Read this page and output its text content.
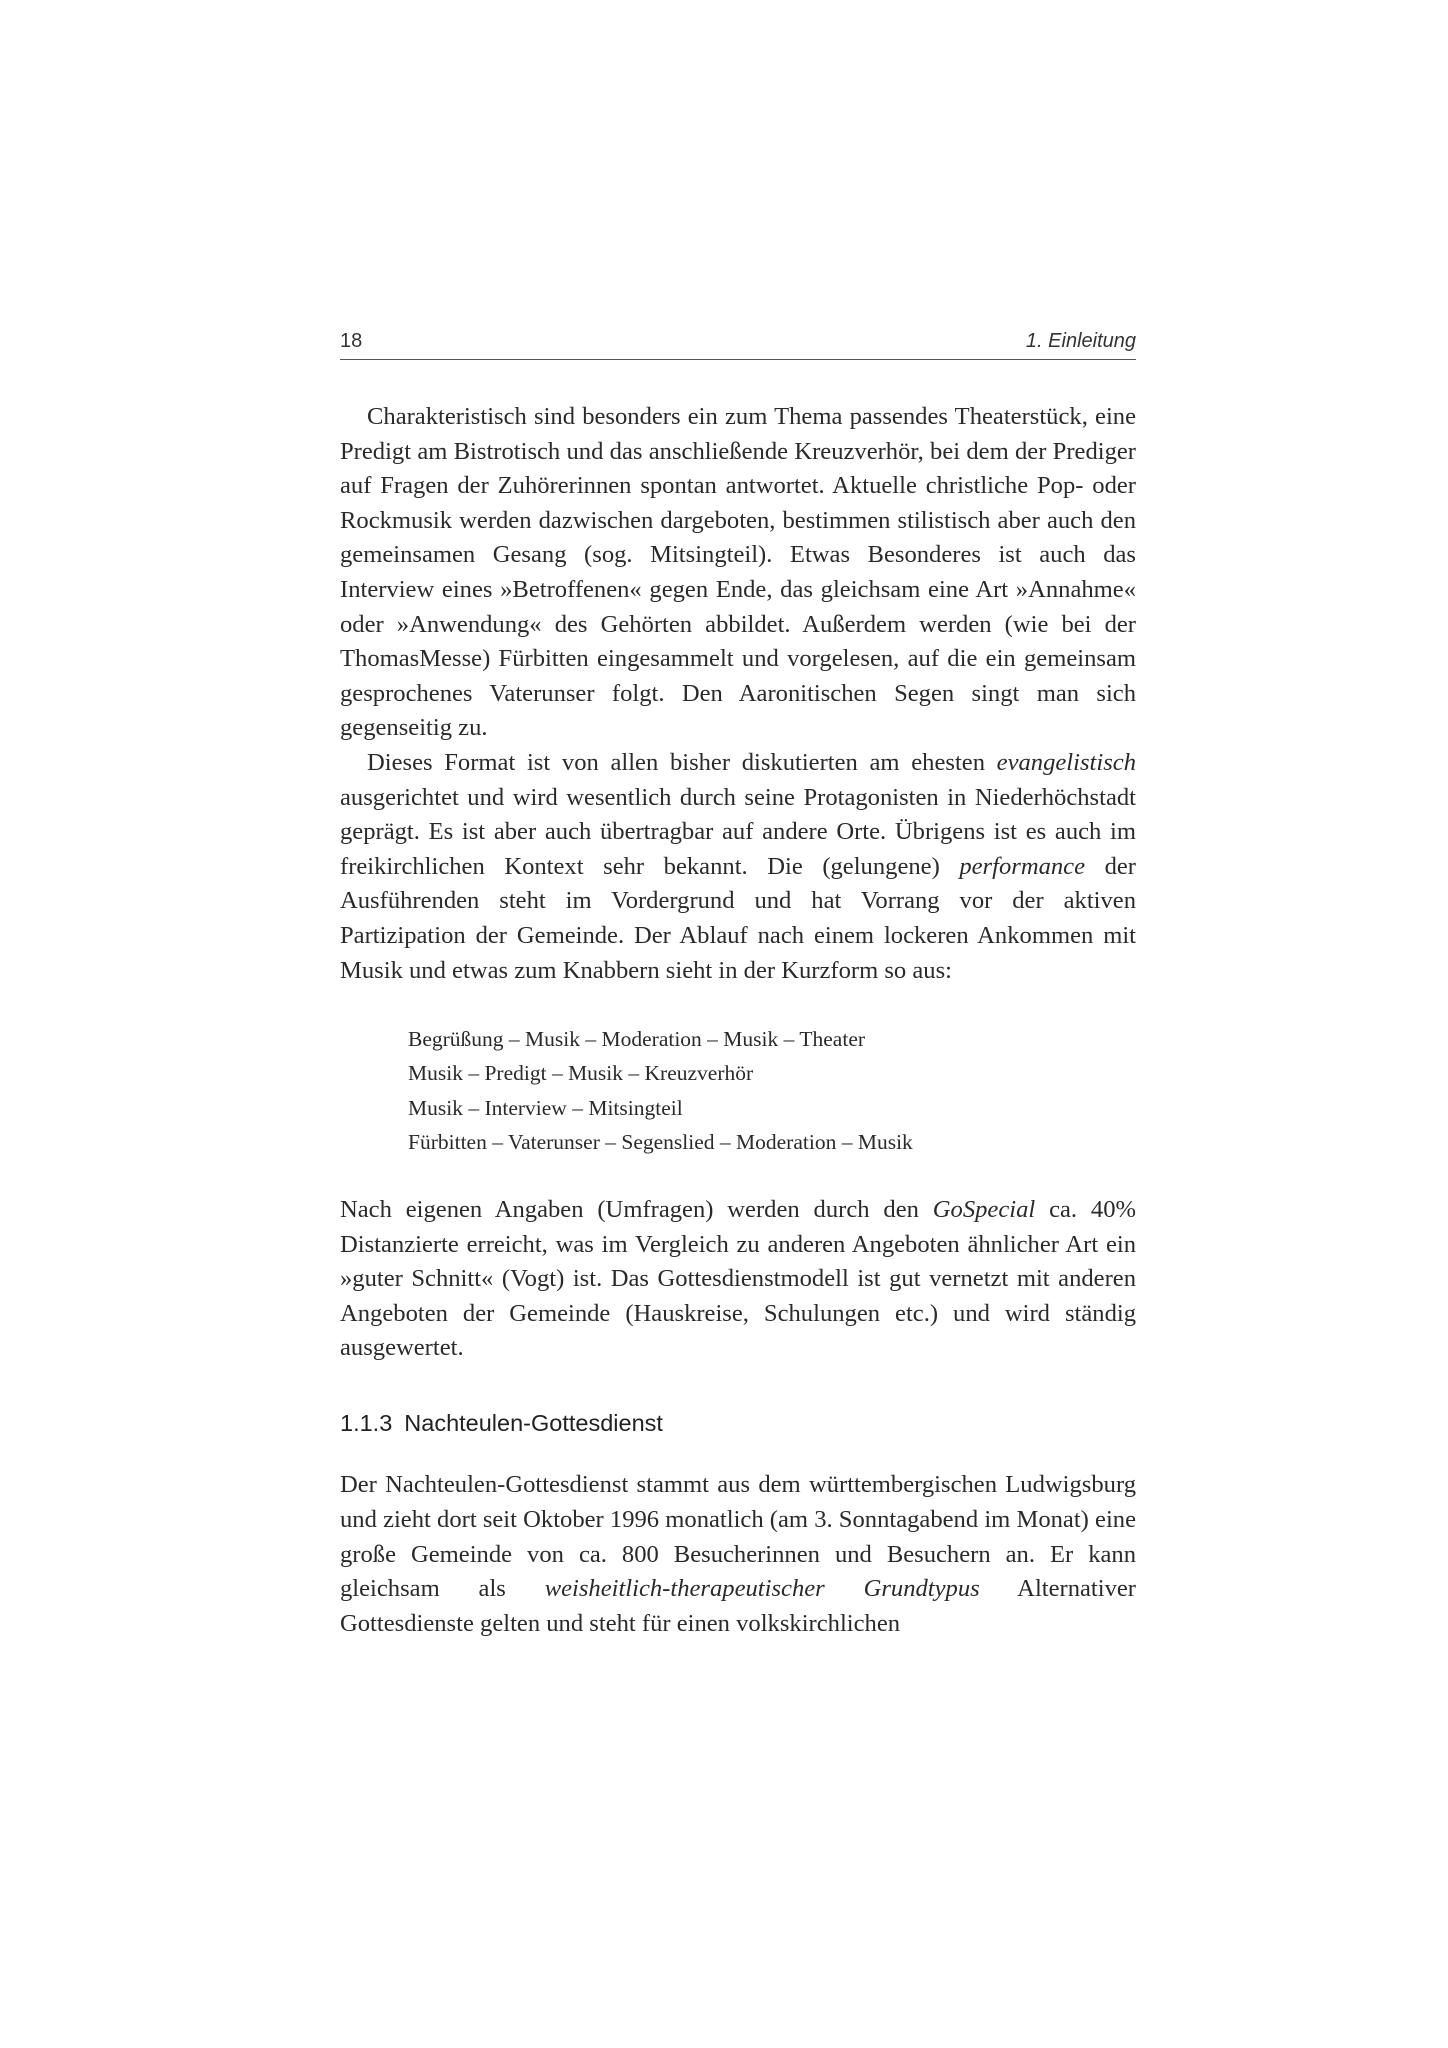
18	1. Einleitung

Charakteristisch sind besonders ein zum Thema passendes Theaterstück, eine Predigt am Bistrotisch und das anschließende Kreuzverhör, bei dem der Prediger auf Fragen der Zuhörerinnen spontan antwortet. Aktuelle christliche Pop- oder Rockmusik werden dazwischen dargeboten, bestimmen stilistisch aber auch den gemeinsamen Gesang (sog. Mitsingteil). Etwas Besonderes ist auch das Interview eines »Betroffenen« gegen Ende, das gleichsam eine Art »Annahme« oder »Anwendung« des Gehörten abbildet. Außerdem werden (wie bei der ThomasMesse) Fürbitten eingesammelt und vorgelesen, auf die ein gemeinsam gesprochenes Vaterunser folgt. Den Aaronitischen Segen singt man sich gegenseitig zu.

Dieses Format ist von allen bisher diskutierten am ehesten evangelistisch ausgerichtet und wird wesentlich durch seine Protagonisten in Niederhöchstadt geprägt. Es ist aber auch übertragbar auf andere Orte. Übrigens ist es auch im freikirchlichen Kontext sehr bekannt. Die (gelungene) performance der Ausführenden steht im Vordergrund und hat Vorrang vor der aktiven Partizipation der Gemeinde. Der Ablauf nach einem lockeren Ankommen mit Musik und etwas zum Knabbern sieht in der Kurzform so aus:

Begrüßung – Musik – Moderation – Musik – Theater
Musik – Predigt – Musik – Kreuzverhör
Musik – Interview – Mitsingteil
Fürbitten – Vaterunser – Segenslied – Moderation – Musik

Nach eigenen Angaben (Umfragen) werden durch den GoSpecial ca. 40% Distanzierte erreicht, was im Vergleich zu anderen Angeboten ähnlicher Art ein »guter Schnitt« (Vogt) ist. Das Gottesdienstmodell ist gut vernetzt mit anderen Angeboten der Gemeinde (Hauskreise, Schulungen etc.) und wird ständig ausgewertet.

1.1.3 Nachteulen-Gottesdienst

Der Nachteulen-Gottesdienst stammt aus dem württembergischen Ludwigsburg und zieht dort seit Oktober 1996 monatlich (am 3. Sonntagabend im Monat) eine große Gemeinde von ca. 800 Besucherinnen und Besuchern an. Er kann gleichsam als weisheitlich-therapeutischer Grundtypus Alternativer Gottesdienste gelten und steht für einen volkskirchlichen
